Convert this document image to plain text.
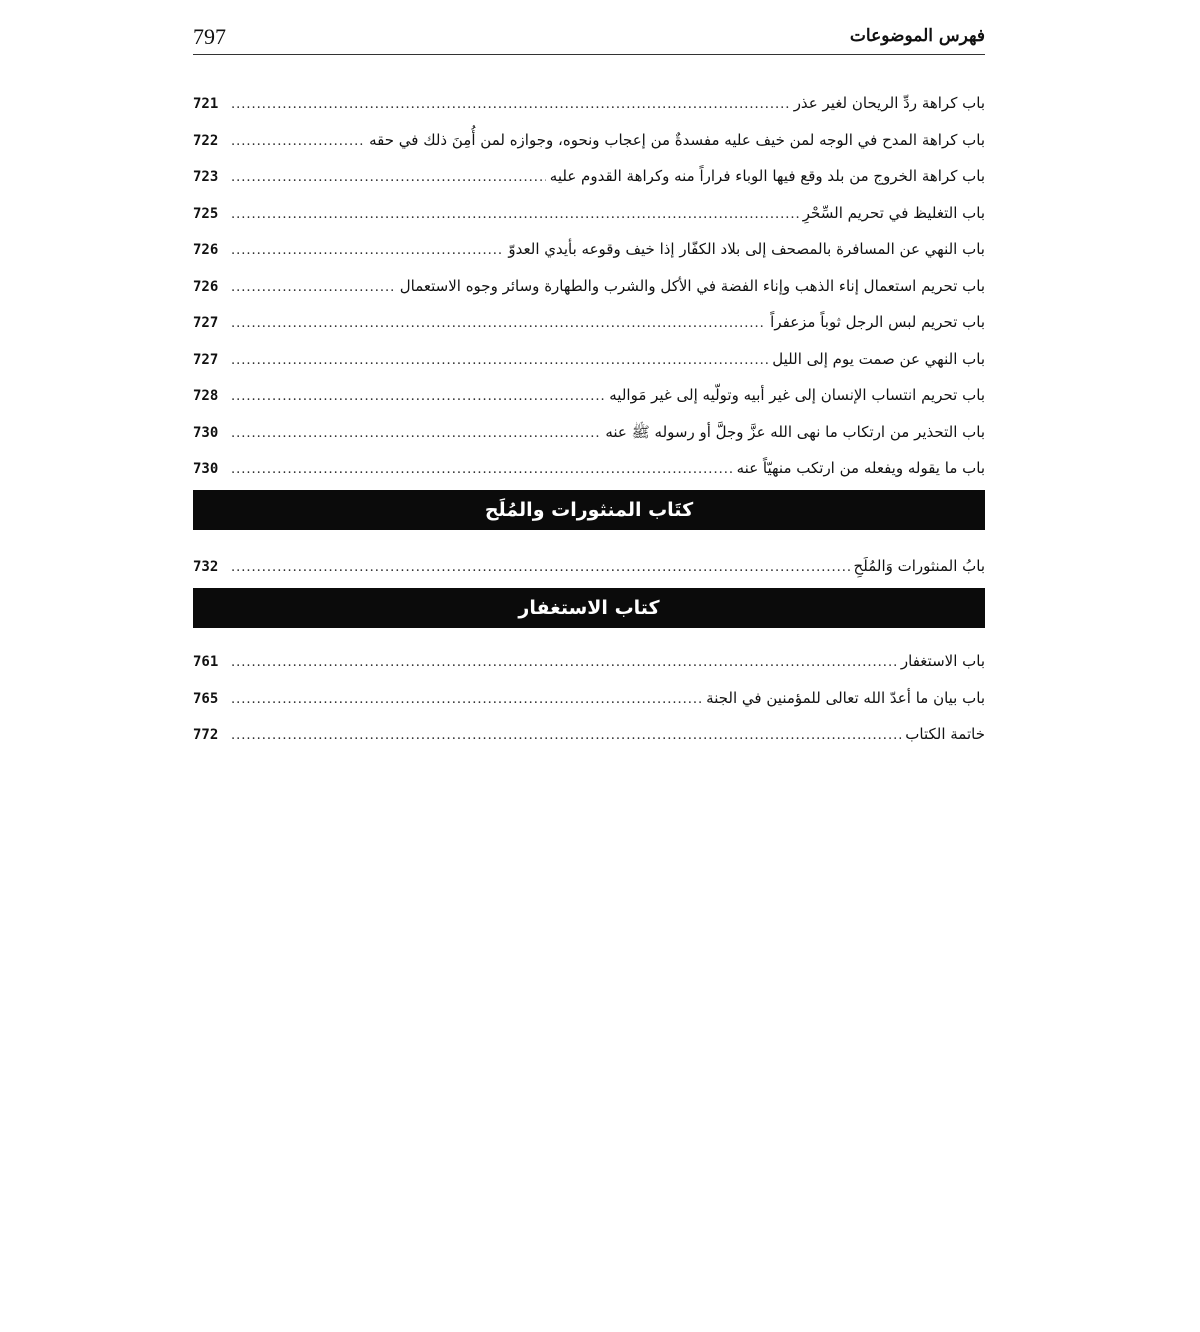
797	فهرس الموضوعات
باب كراهة ردِّ الريحان لغير عذر
.....
721
باب كراهة المدح في الوجه لمن خيف عليه مفسدةٌ من إعجاب ونحوه، وجوازه لمن أُمِنَ ذلك في حقه
.....
722
باب كراهة الخروج من بلد وقع فيها الوباء فراراً منه وكراهة القدوم عليه
.....
723
باب التغليظ في تحريم السِّحْرِ
.....
725
باب النهي عن المسافرة بالمصحف إلى بلاد الكفّار إذا خيف وقوعه بأيدي العدوّ
.....
726
باب تحريم استعمال إناء الذهب وإناء الفضة في الأكل والشرب والطهارة وسائر وجوه الاستعمال
.....
726
باب تحريم لبس الرجل ثوباً مزعفراً
.....
727
باب النهي عن صمت يوم إلى الليل
.....
727
باب تحريم انتساب الإنسان إلى غير أبيه وتولّيه إلى غير مَواليه
.....
728
باب التحذير من ارتكاب ما نهى الله عزَّ وجلَّ أو رسوله ﷺ عنه
.....
730
باب ما يقوله ويفعله من ارتكب منهيّاً عنه
.....
730
كتَاب المنثورات والمُلَح
بابُ المنثورات وَالمُلَحِ
.....
732
كتاب الاستغفار
باب الاستغفار
.....
761
باب بيان ما أعدّ الله تعالى للمؤمنين في الجنة
.....
765
خاتمة الكتاب
.....
772
